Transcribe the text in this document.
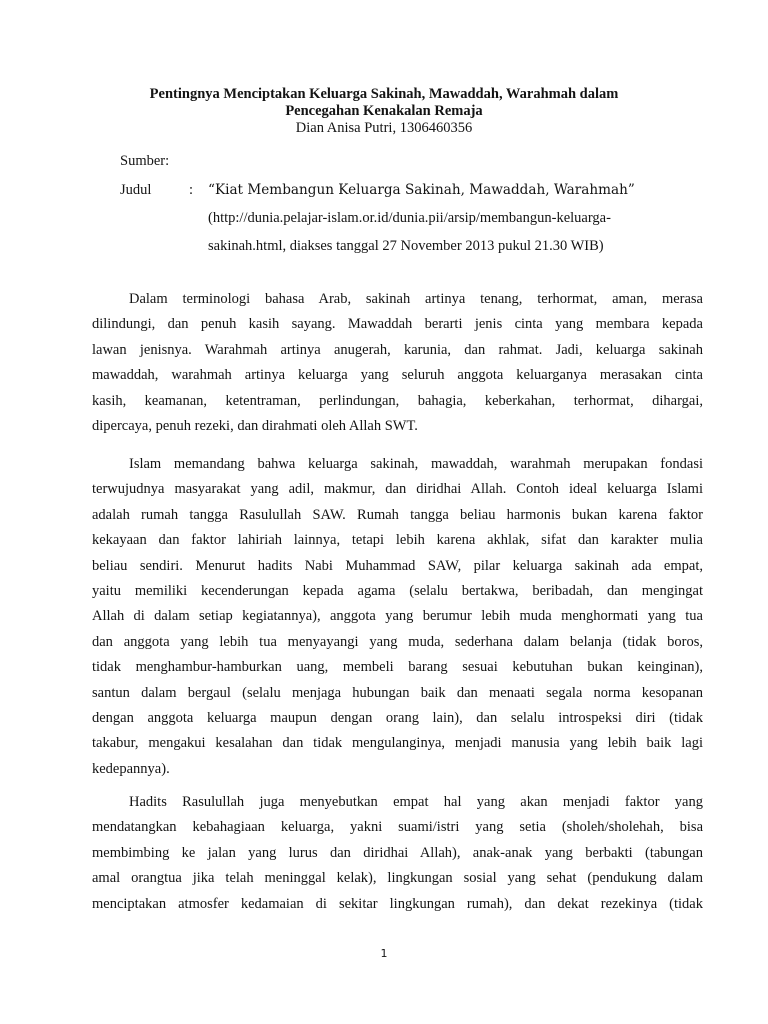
Pentingnya Menciptakan Keluarga Sakinah, Mawaddah, Warahmah dalam
Pencegahan Kenakalan Remaja
Dian Anisa Putri, 1306460356
Sumber:
Judul	: “Kiat Membangun Keluarga Sakinah, Mawaddah, Warahmah”
(http://dunia.pelajar-islam.or.id/dunia.pii/arsip/membangun-keluarga-
sakinah.html, diakses tanggal 27 November 2013 pukul 21.30 WIB)

Dalam terminologi bahasa Arab, sakinah artinya tenang, terhormat, aman, merasa
dilindungi, dan penuh kasih sayang. Mawaddah berarti jenis cinta yang membara kepada
lawan jenisnya. Warahmah artinya anugerah, karunia, dan rahmat. Jadi, keluarga sakinah
mawaddah, warahmah artinya keluarga yang seluruh anggota keluarganya merasakan cinta
kasih, keamanan, ketentraman, perlindungan, bahagia, keberkahan, terhormat, dihargai,
dipercaya, penuh rezeki, dan dirahmati oleh Allah SWT.

Islam memandang bahwa keluarga sakinah, mawaddah, warahmah merupakan fondasi
terwujudnya masyarakat yang adil, makmur, dan diridhai Allah. Contoh ideal keluarga Islami
adalah rumah tangga Rasulullah SAW. Rumah tangga beliau harmonis bukan karena faktor
kekayaan dan faktor lahiriah lainnya, tetapi lebih karena akhlak, sifat dan karakter mulia
beliau sendiri. Menurut hadits Nabi Muhammad SAW, pilar keluarga sakinah ada empat,
yaitu memiliki kecenderungan kepada agama (selalu bertakwa, beribadah, dan mengingat
Allah di dalam setiap kegiatannya), anggota yang berumur lebih muda menghormati yang tua
dan anggota yang lebih tua menyayangi yang muda, sederhana dalam belanja (tidak boros,
tidak menghambur-hamburkan uang, membeli barang sesuai kebutuhan bukan keinginan),
santun dalam bergaul (selalu menjaga hubungan baik dan menaati segala norma kesopanan
dengan anggota keluarga maupun dengan orang lain), dan selalu introspeksi diri (tidak
takabur, mengakui kesalahan dan tidak mengulanginya, menjadi manusia yang lebih baik lagi
kedepannya).

Hadits Rasulullah juga menyebutkan empat hal yang akan menjadi faktor yang
mendatangkan kebahagiaan keluarga, yakni suami/istri yang setia (sholeh/sholehah, bisa
membimbing ke jalan yang lurus dan diridhai Allah), anak-anak yang berbakti (tabungan
amal orangtua jika telah meninggal kelak), lingkungan sosial yang sehat (pendukung dalam
menciptakan atmosfer kedamaian di sekitar lingkungan rumah), dan dekat rezekinya (tidak

1
